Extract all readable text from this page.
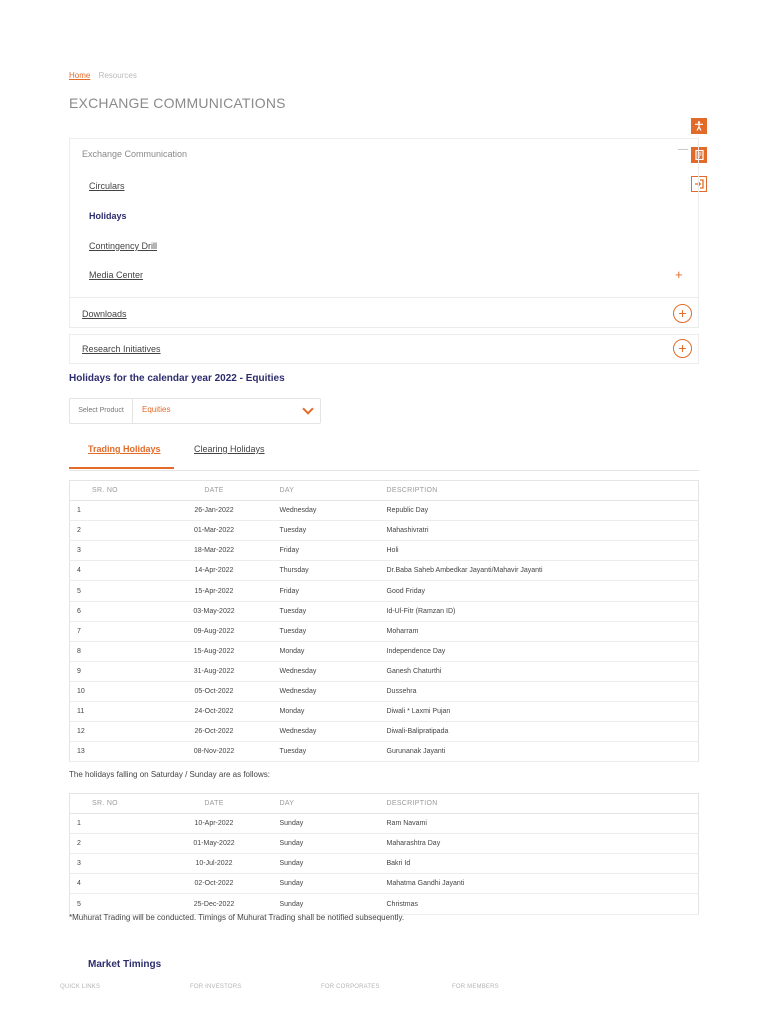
Home Resources
EXCHANGE COMMUNICATIONS
Exchange Communication	—
Circulars
Holidays
Contingency Drill
Media Center	+
Downloads	+
Research Initiatives	+
Holidays for the calendar year 2022 - Equities
Select Product	Equities
Trading Holidays	Clearing Holidays
SR. NO	DATE	DAY	DESCRIPTION
1	26-Jan-2022	Wednesday	Republic Day
2	01-Mar-2022	Tuesday	Mahashivratri
3	18-Mar-2022	Friday	Holi
4	14-Apr-2022	Thursday	Dr.Baba Saheb Ambedkar Jayanti/Mahavir Jayanti
5	15-Apr-2022	Friday	Good Friday
6	03-May-2022	Tuesday	Id-Ul-Fitr (Ramzan ID)
7	09-Aug-2022	Tuesday	Moharram
8	15-Aug-2022	Monday	Independence Day
9	31-Aug-2022	Wednesday	Ganesh Chaturthi
10	05-Oct-2022	Wednesday	Dussehra
11	24-Oct-2022	Monday	Diwali * Laxmi Pujan
12	26-Oct-2022	Wednesday	Diwali-Balipratipada
13	08-Nov-2022	Tuesday	Gurunanak Jayanti
The holidays falling on Saturday / Sunday are as follows:
SR. NO	DATE	DAY	DESCRIPTION
1	10-Apr-2022	Sunday	Ram Navami
2	01-May-2022	Sunday	Maharashtra Day
3	10-Jul-2022	Sunday	Bakri Id
4	02-Oct-2022	Sunday	Mahatma Gandhi Jayanti
5	25-Dec-2022	Sunday	Christmas
*Muhurat Trading will be conducted. Timings of Muhurat Trading shall be notified subsequently.
Market Timings
QUICK LINKS	FOR INVESTORS	FOR CORPORATES	FOR MEMBERS
